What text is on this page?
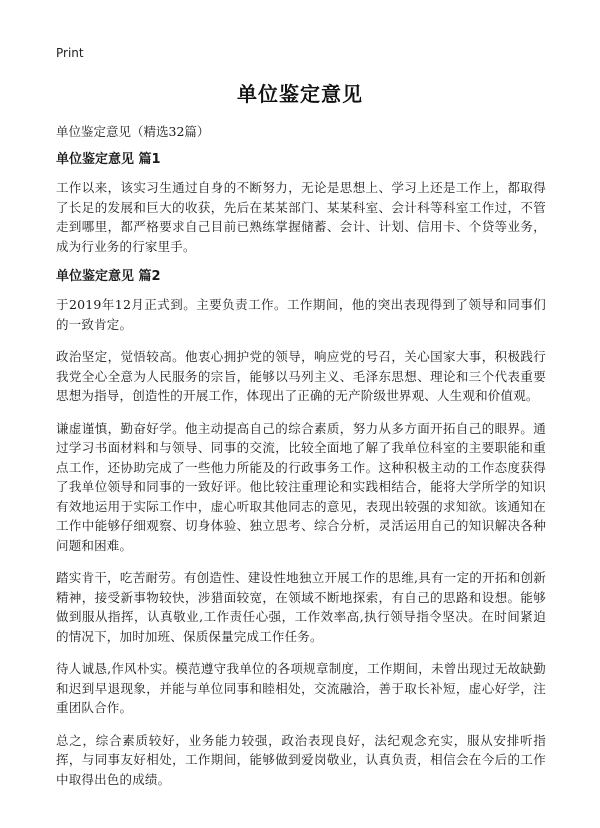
Print
单位鉴定意见

单位鉴定意见（精选32篇）

单位鉴定意见 篇1

工作以来，该实习生通过自身的不断努力，无论是思想上、学习上还是工作上，都取得了长足的发展和巨大的收获，先后在某某部门、某某科室、会计科等科室工作过，不管走到哪里，都严格要求自己目前已熟练掌握储蓄、会计、计划、信用卡、个贷等业务，成为行业务的行家里手。

单位鉴定意见 篇2

于2019年12月正式到。主要负责工作。工作期间，他的突出表现得到了领导和同事们的一致肯定。

政治坚定，觉悟较高。他衷心拥护党的领导，响应党的号召，关心国家大事，积极践行我党全心全意为人民服务的宗旨，能够以马列主义、毛泽东思想、理论和三个代表重要思想为指导，创造性的开展工作，体现出了正确的无产阶级世界观、人生观和价值观。

谦虚谨慎，勤奋好学。他主动提高自己的综合素质，努力从多方面开拓自己的眼界。通过学习书面材料和与领导、同事的交流，比较全面地了解了我单位科室的主要职能和重点工作，还协助完成了一些他力所能及的行政事务工作。这种积极主动的工作态度获得了我单位领导和同事的一致好评。他比较注重理论和实践相结合，能将大学所学的知识有效地运用于实际工作中，虚心听取其他同志的意见，表现出较强的求知欲。该通知在工作中能够仔细观察、切身体验、独立思考、综合分析，灵活运用自己的知识解决各种问题和困难。

踏实肯干，吃苦耐劳。有创造性、建设性地独立开展工作的思维,具有一定的开拓和创新精神，接受新事物较快，涉猎面较宽，在领域不断地探索，有自己的思路和设想。能够做到服从指挥，认真敬业,工作责任心强，工作效率高,执行领导指令坚决。在时间紧迫的情况下，加时加班、保质保量完成工作任务。

待人诚恳,作风朴实。模范遵守我单位的各项规章制度，工作期间，未曾出现过无故缺勤和迟到早退现象，并能与单位同事和睦相处，交流融洽，善于取长补短，虚心好学，注重团队合作。

总之，综合素质较好，业务能力较强，政治表现良好，法纪观念充实，服从安排听指挥，与同事友好相处，工作期间，能够做到爱岗敬业，认真负责，相信会在今后的工作中取得出色的成绩。
